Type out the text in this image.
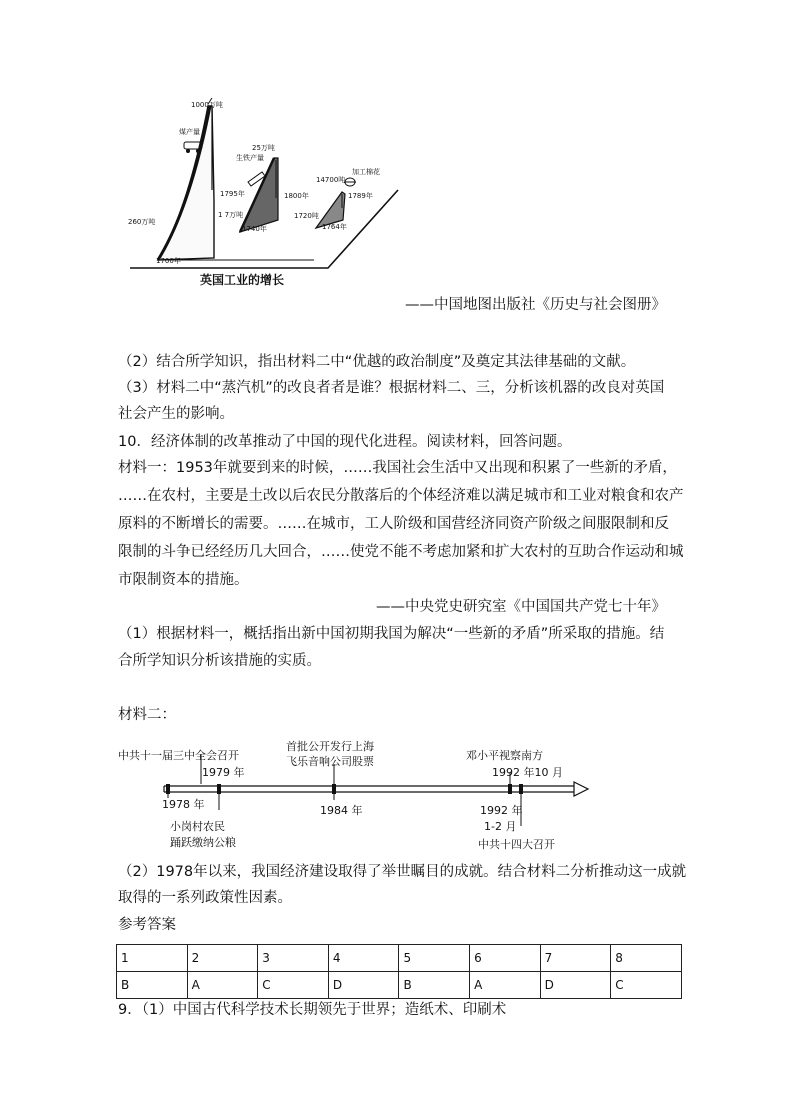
1000万吨
煤产量
260万吨
1700年
1795年
25万吨
生铁产量
1 7万吨
1740年
1800年
14700吨
加工棉花
1720吨
1764年
1789年
英国工业的增长
——中国地图出版社《历史与社会图册》
（2）结合所学知识，指出材料二中“优越的政治制度”及奠定其法律基础的文献。
（3）材料二中“蒸汽机”的改良者者是谁？根据材料二、三，分析该机器的改良对英国
社会产生的影响。
10．经济体制的改革推动了中国的现代化进程。阅读材料，回答问题。
材料一：1953年就要到来的时候，……我国社会生活中又出现和积累了一些新的矛盾，
……在农村，主要是土改以后农民分散落后的个体经济难以满足城市和工业对粮食和农产
原料的不断增长的需要。……在城市，工人阶级和国营经济同资产阶级之间服限制和反
限制的斗争已经经历几大回合，……使党不能不考虑加紧和扩大农村的互助合作运动和城
市限制资本的措施。
——中央党史研究室《中国国共产党七十年》
（1）根据材料一，概括指出新中国初期我国为解决“一些新的矛盾”所采取的措施。结
合所学知识分析该措施的实质。
材料二：
中共十一届三中全会召开
1979 年
1978 年
小岗村农民
踊跃缴纳公粮
首批公开发行上海
飞乐音响公司股票
1984 年
邓小平视察南方
1992 年10 月
1992 年
1-2 月
中共十四大召开
（2）1978年以来，我国经济建设取得了举世瞩目的成就。结合材料二分析推动这一成就
取得的一系列政策性因素。
参考答案
1	2	3	4	5	6	7	8
B	A	C	D	B	A	D	C
9．（1）中国古代科学技术长期领先于世界；造纸术、印刷术
